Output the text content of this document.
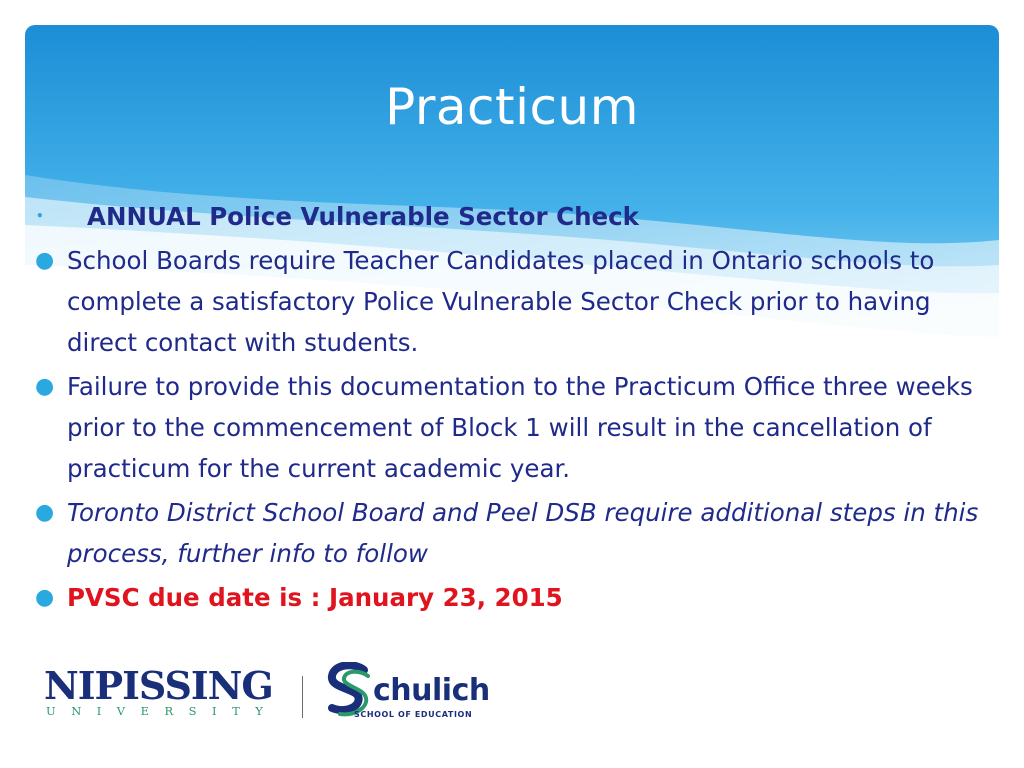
Practicum
• ANNUAL Police Vulnerable Sector Check
● School Boards require Teacher Candidates placed in Ontario schools to complete a satisfactory Police Vulnerable Sector Check prior to having direct contact with students.
● Failure to provide this documentation to the Practicum Office three weeks prior to the commencement of Block 1 will result in the cancellation of practicum for the current academic year.
● Toronto District School Board and Peel DSB require additional steps in this process, further info to follow
● PVSC due date is : January 23, 2015
NIPISSING
UNIVERSITY
chulich
SCHOOL OF EDUCATION
